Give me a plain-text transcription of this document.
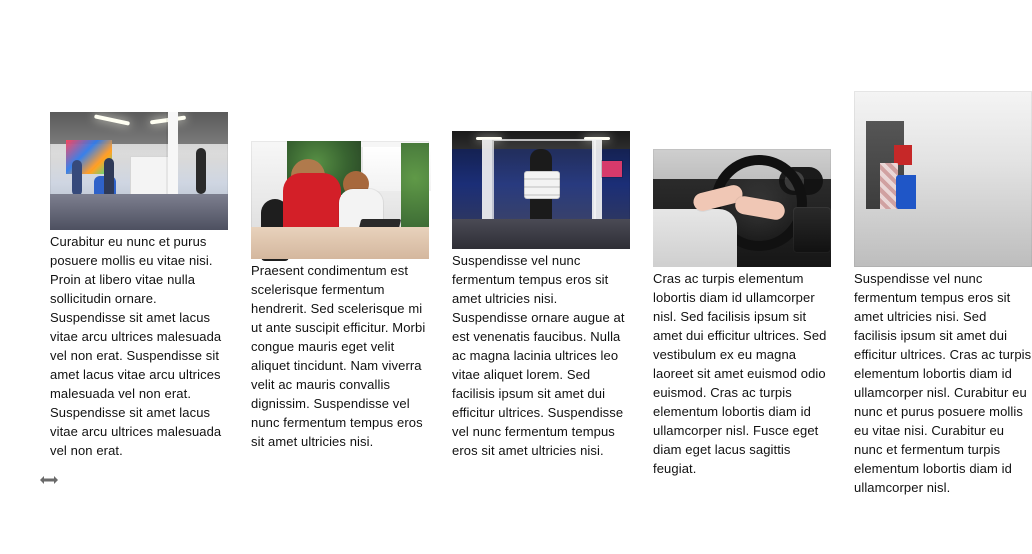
Curabitur eu nunc et purus posuere mollis eu vitae nisi. Proin at libero vitae nulla sollicitudin ornare. Suspendisse sit amet lacus vitae arcu ultrices malesuada vel non erat. Suspendisse sit amet lacus vitae arcu ultrices malesuada vel non erat. Suspendisse sit amet lacus vitae arcu ultrices malesuada vel non erat.
Praesent condimentum est scelerisque fermentum hendrerit. Sed scelerisque mi ut ante suscipit efficitur. Morbi congue mauris eget velit aliquet tincidunt. Nam viverra velit ac mauris convallis dignissim. Suspendisse vel nunc fermentum tempus eros sit amet ultricies nisi.
Suspendisse vel nunc fermentum tempus eros sit amet ultricies nisi. Suspendisse ornare augue at est venenatis faucibus. Nulla ac magna lacinia ultrices leo vitae aliquet lorem. Sed facilisis ipsum sit amet dui efficitur ultrices. Suspendisse vel nunc fermentum tempus eros sit amet ultricies nisi.
Cras ac turpis elementum lobortis diam id ullamcorper nisl. Sed facilisis ipsum sit amet dui efficitur ultrices. Sed vestibulum ex eu magna laoreet sit amet euismod odio euismod. Cras ac turpis elementum lobortis diam id ullamcorper nisl. Fusce eget diam eget lacus sagittis feugiat.
Suspendisse vel nunc fermentum tempus eros sit amet ultricies nisi. Sed facilisis ipsum sit amet dui efficitur ultrices. Cras ac turpis elementum lobortis diam id ullamcorper nisl. Curabitur eu nunc et purus posuere mollis eu vitae nisi. Curabitur eu nunc et fermentum turpis elementum lobortis diam id ullamcorper nisl.
